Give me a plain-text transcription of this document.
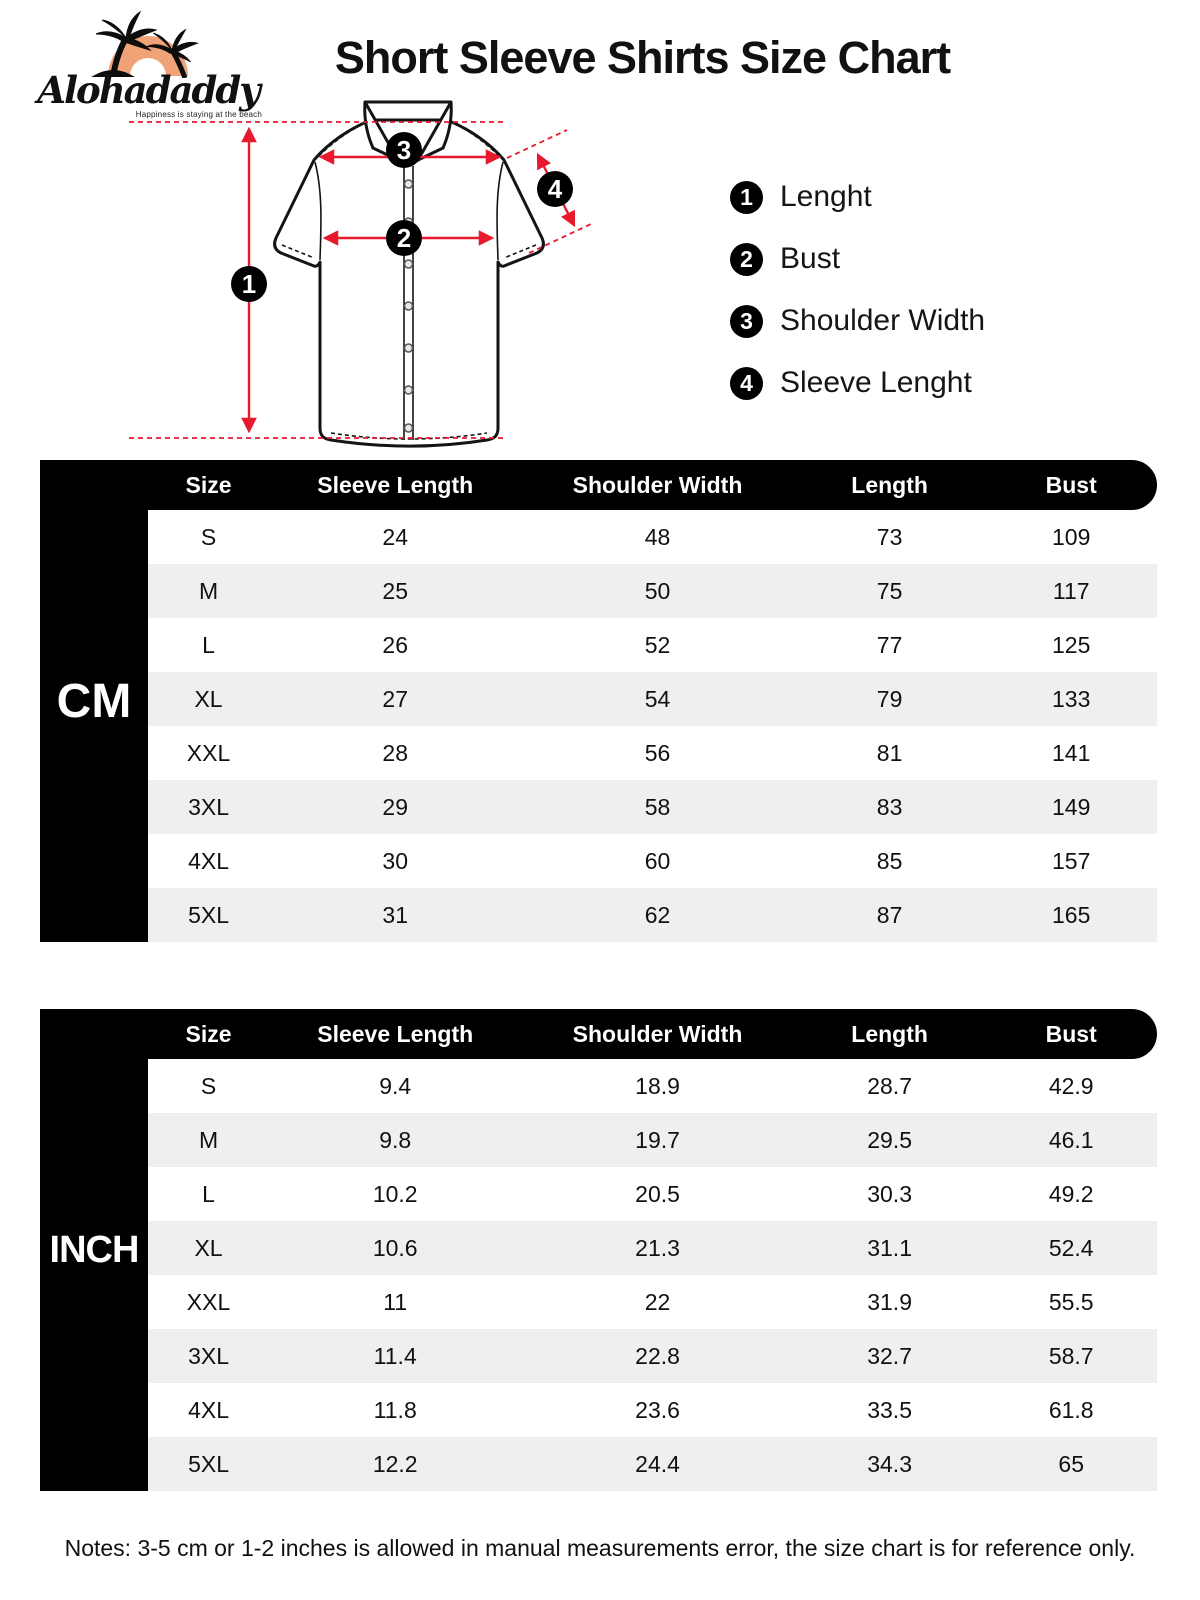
Alohadaddy
Happiness is staying at the beach
Short Sleeve Shirts Size Chart
1
2
3
4	1 Lenght
2 Bust
3 Shoulder Width
4 Sleeve Lenght
CM
Size	Sleeve Length	Shoulder Width	Length	Bust
S	24	48	73	109
M	25	50	75	117
L	26	52	77	125
XL	27	54	79	133
XXL	28	56	81	141
3XL	29	58	83	149
4XL	30	60	85	157
5XL	31	62	87	165
INCH
Size	Sleeve Length	Shoulder Width	Length	Bust
S	9.4	18.9	28.7	42.9
M	9.8	19.7	29.5	46.1
L	10.2	20.5	30.3	49.2
XL	10.6	21.3	31.1	52.4
XXL	11	22	31.9	55.5
3XL	11.4	22.8	32.7	58.7
4XL	11.8	23.6	33.5	61.8
5XL	12.2	24.4	34.3	65
Notes: 3-5 cm or 1-2 inches is allowed in manual measurements error, the size chart is for reference only.
